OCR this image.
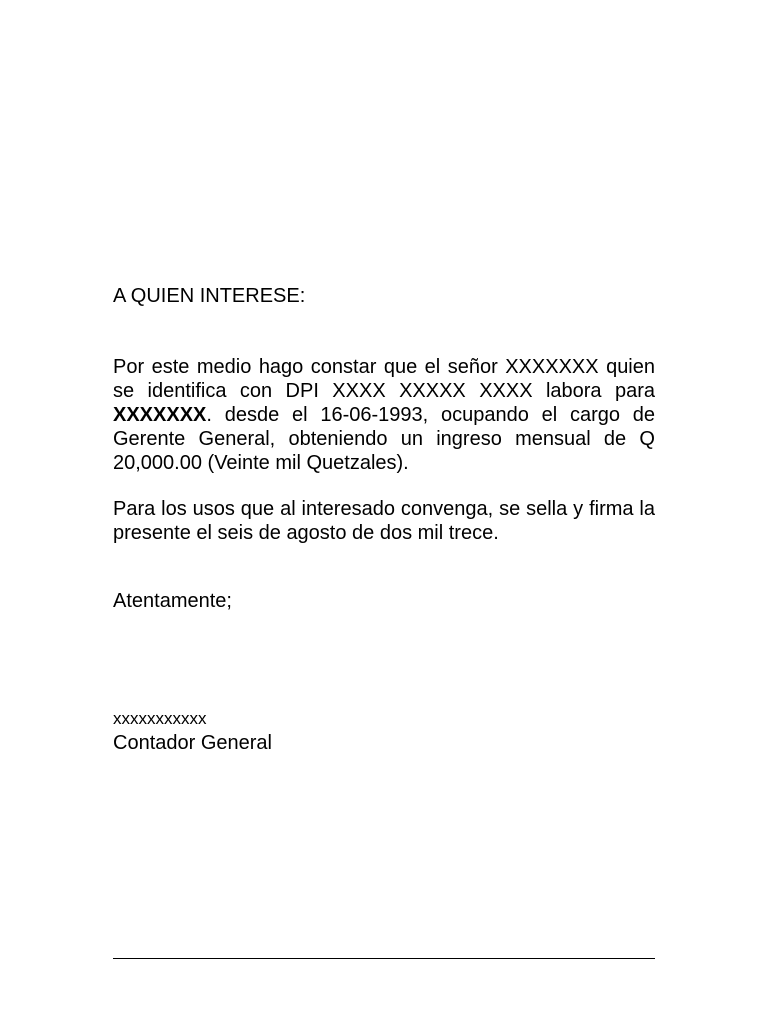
A QUIEN INTERESE:

Por este medio hago constar que el señor XXXXXXX quien se identifica con DPI XXXX XXXXX XXXX labora para XXXXXXX. desde el 16-06-1993, ocupando el cargo de Gerente General, obteniendo un ingreso mensual de Q 20,000.00 (Veinte mil Quetzales).

Para los usos que al interesado convenga, se sella y firma la presente el seis de agosto de dos mil trece.

Atentamente;
xxxxxxxxxxx
Contador General
